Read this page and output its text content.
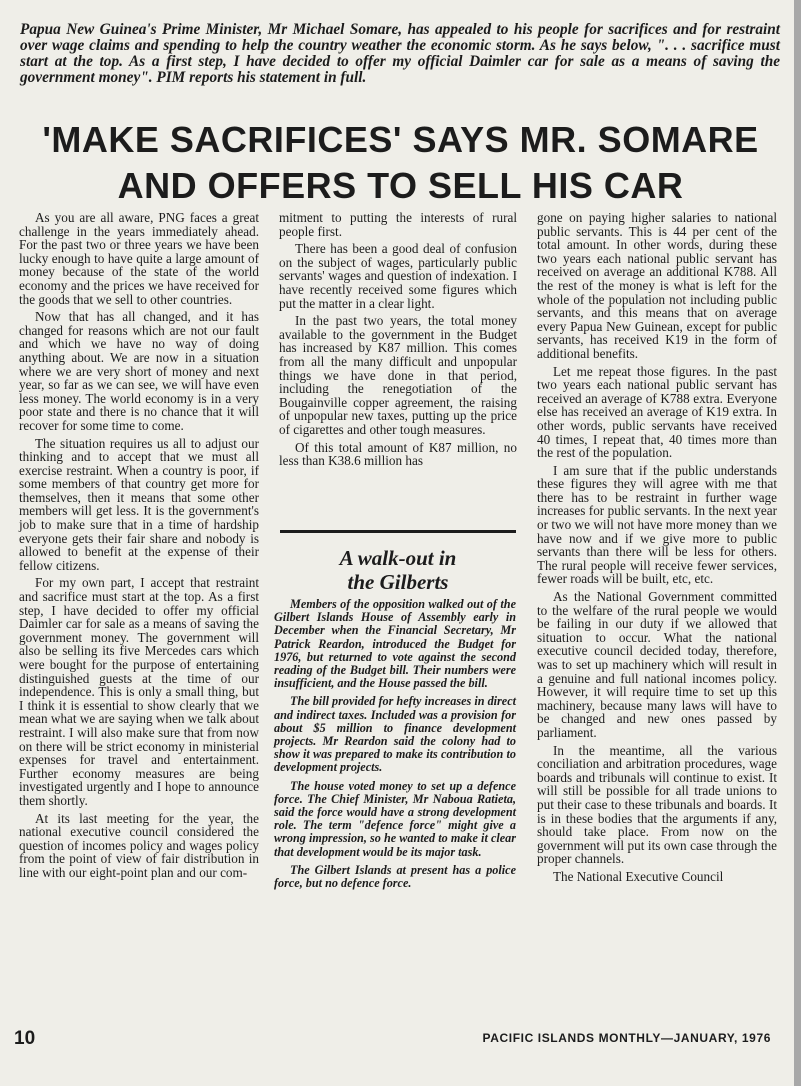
Papua New Guinea's Prime Minister, Mr Michael Somare, has appealed to his people for sacrifices and for restraint over wage claims and spending to help the country weather the economic storm. As he says below, ". . . sacrifice must start at the top. As a first step, I have decided to offer my official Daimler car for sale as a means of saving the government money". PIM reports his statement in full.
'MAKE SACRIFICES' SAYS MR. SOMARE
AND OFFERS TO SELL HIS CAR

As you are all aware, PNG faces a great challenge in the years immediately ahead. For the past two or three years we have been lucky enough to have quite a large amount of money because of the state of the world economy and the prices we have received for the goods that we sell to other countries.

Now that has all changed, and it has changed for reasons which are not our fault and which we have no way of doing anything about. We are now in a situation where we are very short of money and next year, so far as we can see, we will have even less money. The world economy is in a very poor state and there is no chance that it will recover for some time to come.

The situation requires us all to adjust our thinking and to accept that we must all exercise restraint. When a country is poor, if some members of that country get more for themselves, then it means that some other members will get less. It is the government's job to make sure that in a time of hardship everyone gets their fair share and nobody is allowed to benefit at the expense of their fellow citizens.

For my own part, I accept that restraint and sacrifice must start at the top. As a first step, I have decided to offer my official Daimler car for sale as a means of saving the government money. The government will also be selling its five Mercedes cars which were bought for the purpose of entertaining distinguished guests at the time of our independence. This is only a small thing, but I think it is essential to show clearly that we mean what we are saying when we talk about restraint. I will also make sure that from now on there will be strict economy in ministerial expenses for travel and entertainment. Further economy measures are being investigated urgently and I hope to announce them shortly.

At its last meeting for the year, the national executive council considered the question of incomes policy and wages policy from the point of view of fair distribution in line with our eight-point plan and our com-

mitment to putting the interests of rural people first.

There has been a good deal of confusion on the subject of wages, particularly public servants' wages and question of indexation. I have recently received some figures which put the matter in a clear light.

In the past two years, the total money available to the government in the Budget has increased by K87 million. This comes from all the many difficult and unpopular things we have done in that period, including the renegotiation of the Bougainville copper agreement, the raising of unpopular new taxes, putting up the price of cigarettes and other tough measures.

Of this total amount of K87 million, no less than K38.6 million has

A walk-out in
the Gilberts

Members of the opposition walked out of the Gilbert Islands House of Assembly early in December when the Financial Secretary, Mr Patrick Reardon, introduced the Budget for 1976, but returned to vote against the second reading of the Budget bill. Their numbers were insufficient, and the House passed the bill.

The bill provided for hefty increases in direct and indirect taxes. Included was a provision for about $5 million to finance development projects. Mr Reardon said the colony had to show it was prepared to make its contribution to development projects.

The house voted money to set up a defence force. The Chief Minister, Mr Naboua Ratieta, said the force would have a strong development role. The term "defence force" might give a wrong impression, so he wanted to make it clear that development would be its major task.

The Gilbert Islands at present has a police force, but no defence force.

gone on paying higher salaries to national public servants. This is 44 per cent of the total amount. In other words, during these two years each national public servant has received on average an additional K788. All the rest of the money is what is left for the whole of the population not including public servants, and this means that on average every Papua New Guinean, except for public servants, has received K19 in the form of additional benefits.

Let me repeat those figures. In the past two years each national public servant has received an average of K788 extra. Everyone else has received an average of K19 extra. In other words, public servants have received 40 times, I repeat that, 40 times more than the rest of the population.

I am sure that if the public understands these figures they will agree with me that there has to be restraint in further wage increases for public servants. In the next year or two we will not have more money than we have now and if we give more to public servants than there will be less for others. The rural people will receive fewer services, fewer roads will be built, etc, etc.

As the National Government committed to the welfare of the rural people we would be failing in our duty if we allowed that situation to occur. What the national executive council decided today, therefore, was to set up machinery which will result in a genuine and full national incomes policy. However, it will require time to set up this machinery, because many laws will have to be changed and new ones passed by parliament.

In the meantime, all the various conciliation and arbitration procedures, wage boards and tribunals will continue to exist. It will still be possible for all trade unions to put their case to these tribunals and boards. It is in these bodies that the arguments if any, should take place. From now on the government will put its own case through the proper channels.

The National Executive Council

10	PACIFIC ISLANDS MONTHLY—JANUARY, 1976
